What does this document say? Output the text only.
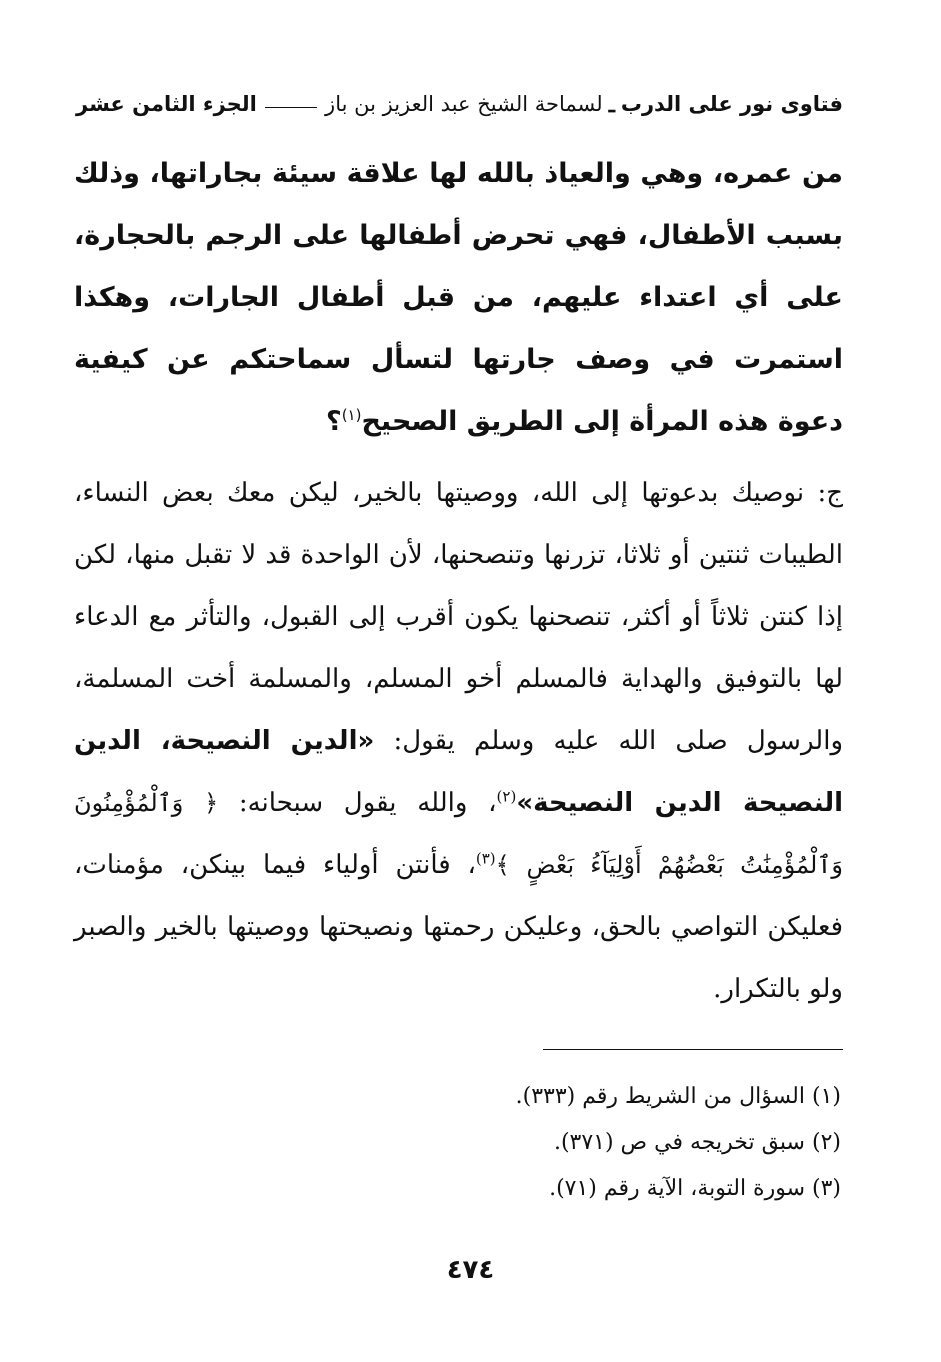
فتاوى نور على الدرب
ـ
لسماحة الشيخ عبد العزيز بن باز
الجزء الثامن عشر
من عمره، وهي والعياذ بالله لها علاقة سيئة بجاراتها، وذلك بسبب الأطفال، فهي تحرض أطفالها على الرجم بالحجارة، على أي اعتداء عليهم، من قبل أطفال الجارات، وهكذا استمرت في وصف جارتها لتسأل سماحتكم عن كيفية دعوة هذه المرأة إلى الطريق الصحيح$^{(١)}$؟
ج: نوصيك بدعوتها إلى الله، ووصيتها بالخير، ليكن معك بعض النساء، الطيبات ثنتين أو ثلاثا، تزرنها وتنصحنها، لأن الواحدة قد لا تقبل منها، لكن إذا كنتن ثلاثاً أو أكثر، تنصحنها يكون أقرب إلى القبول، والتأثر مع الدعاء لها بالتوفيق والهداية فالمسلم أخو المسلم، والمسلمة أخت المسلمة، والرسول صلى الله عليه وسلم يقول: «الدين النصيحة، الدين النصيحة الدين النصيحة»$^{(٢)}$، والله يقول سبحانه: ﴿ وَٱلْمُؤْمِنُونَ وَٱلْمُؤْمِنَٰتُ بَعْضُهُمْ أَوْلِيَآءُ بَعْضٍ ﴾$^{(٣)}$، فأنتن أولياء فيما بينكن، مؤمنات، فعليكن التواصي بالحق، وعليكن رحمتها ونصيحتها ووصيتها بالخير والصبر ولو بالتكرار.
(١) السؤال من الشريط رقم (٣٣٣).
(٢) سبق تخريجه في ص (٣٧١).
(٣) سورة التوبة، الآية رقم (٧١).
٤٧٤
